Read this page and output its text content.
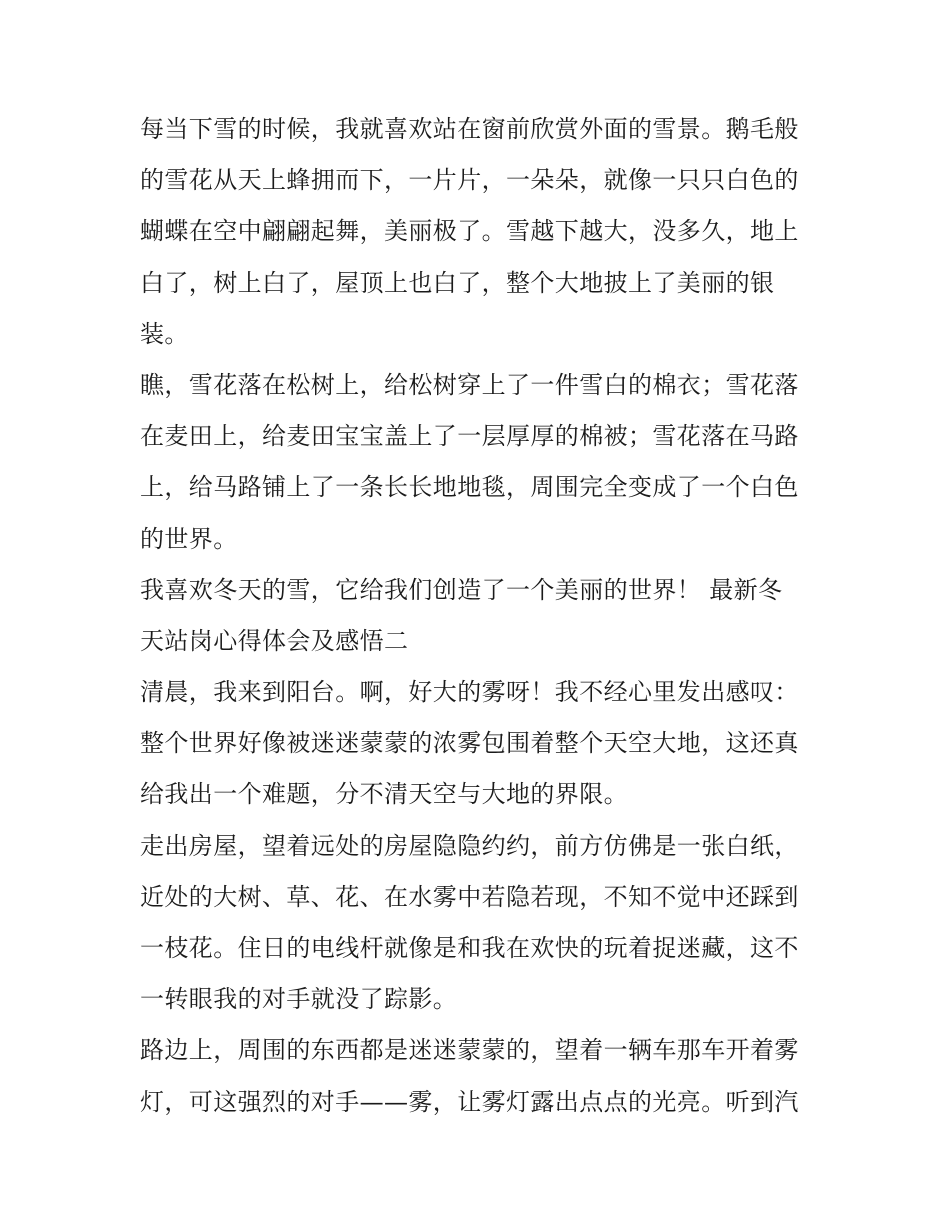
每当下雪的时候，我就喜欢站在窗前欣赏外面的雪景。鹅毛般
的雪花从天上蜂拥而下，一片片，一朵朵，就像一只只白色的
蝴蝶在空中翩翩起舞，美丽极了。雪越下越大，没多久，地上
白了，树上白了，屋顶上也白了，整个大地披上了美丽的银
装。
瞧，雪花落在松树上，给松树穿上了一件雪白的棉衣；雪花落
在麦田上，给麦田宝宝盖上了一层厚厚的棉被；雪花落在马路
上，给马路铺上了一条长长地地毯，周围完全变成了一个白色
的世界。
我喜欢冬天的雪，它给我们创造了一个美丽的世界！ 最新冬
天站岗心得体会及感悟二
清晨，我来到阳台。啊，好大的雾呀！我不经心里发出感叹：
整个世界好像被迷迷蒙蒙的浓雾包围着整个天空大地，这还真
给我出一个难题，分不清天空与大地的界限。
走出房屋，望着远处的房屋隐隐约约，前方仿佛是一张白纸，
近处的大树、草、花、在水雾中若隐若现，不知不觉中还踩到
一枝花。住日的电线杆就像是和我在欢快的玩着捉迷藏，这不
一转眼我的对手就没了踪影。
路边上，周围的东西都是迷迷蒙蒙的，望着一辆车那车开着雾
灯，可这强烈的对手——雾，让雾灯露出点点的光亮。听到汽
